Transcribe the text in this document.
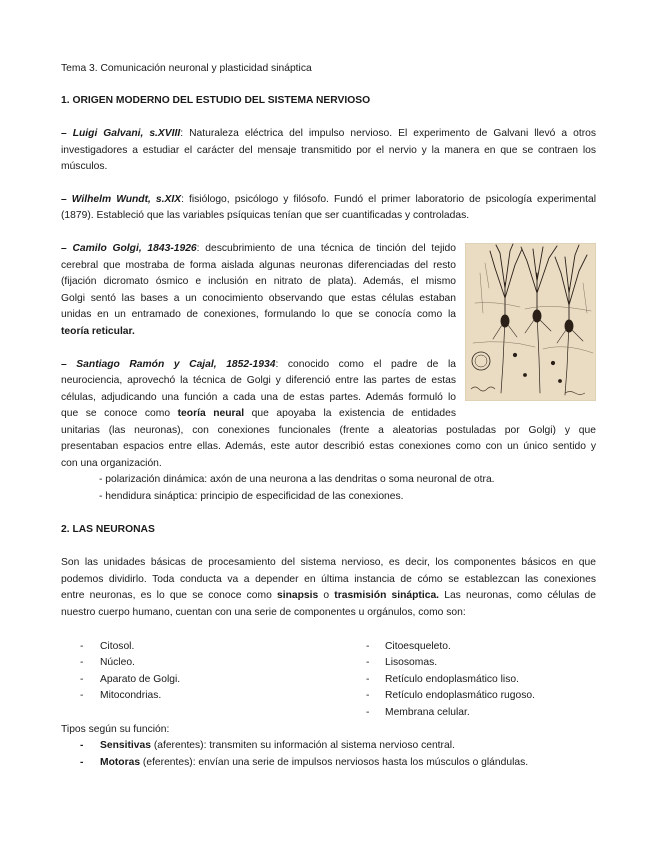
Tema 3. Comunicación neuronal y plasticidad sináptica
1. ORIGEN MODERNO DEL ESTUDIO DEL SISTEMA NERVIOSO
– Luigi Galvani, s.XVIII: Naturaleza eléctrica del impulso nervioso. El experimento de Galvani llevó a otros
investigadores a estudiar el carácter del mensaje transmitido por el nervio y la manera en que se contraen los
músculos.
– Wilhelm Wundt, s.XIX: fisiólogo, psicólogo y filósofo. Fundó el primer laboratorio de psicología experimental
(1879). Estableció que las variables psíquicas tenían que ser cuantificadas y controladas.
– Camilo Golgi, 1843-1926: descubrimiento de una técnica de tinción del tejido
cerebral que mostraba de forma aislada algunas neuronas diferenciadas del resto
(fijación dicromato ósmico e inclusión en nitrato de plata). Además, el mismo
Golgi sentó las bases a un conocimiento observando que estas células estaban
unidas en un entramado de conexiones, formulando lo que se conocía como la
teoría reticular.
– Santiago Ramón y Cajal, 1852-1934: conocido como el padre de la
neurociencia, aprovechó la técnica de Golgi y diferenció entre las partes de estas
células, adjudicando una función a cada una de estas partes. Además formuló lo
que se conoce como teoría neural que apoyaba la existencia de entidades
unitarias (las neuronas), con conexiones funcionales (frente a aleatorias postuladas por Golgi) y que
presentaban espacios entre ellas. Además, este autor describió estas conexiones como con un único sentido y
con una organización.
- polarización dinámica: axón de una neurona a las dendritas o soma neuronal de otra.
- hendidura sináptica: principio de especificidad de las conexiones.
2. LAS NEURONAS
Son las unidades básicas de procesamiento del sistema nervioso, es decir, los componentes básicos en que
podemos dividirlo. Toda conducta va a depender en última instancia de cómo se establezcan las conexiones
entre neuronas, es lo que se conoce como sinapsis o trasmisión sináptica. Las neuronas, como células de
nuestro cuerpo humano, cuentan con una serie de componentes u orgánulos, como son:
- Citosol.
- Núcleo.
- Aparato de Golgi.
- Mitocondrias.
- Citoesqueleto.
- Lisosomas.
- Retículo endoplasmático liso.
- Retículo endoplasmático rugoso.
- Membrana celular.
Tipos según su función:
- Sensitivas (aferentes): transmiten su información al sistema nervioso central.
- Motoras (eferentes): envían una serie de impulsos nerviosos hasta los músculos o glándulas.
